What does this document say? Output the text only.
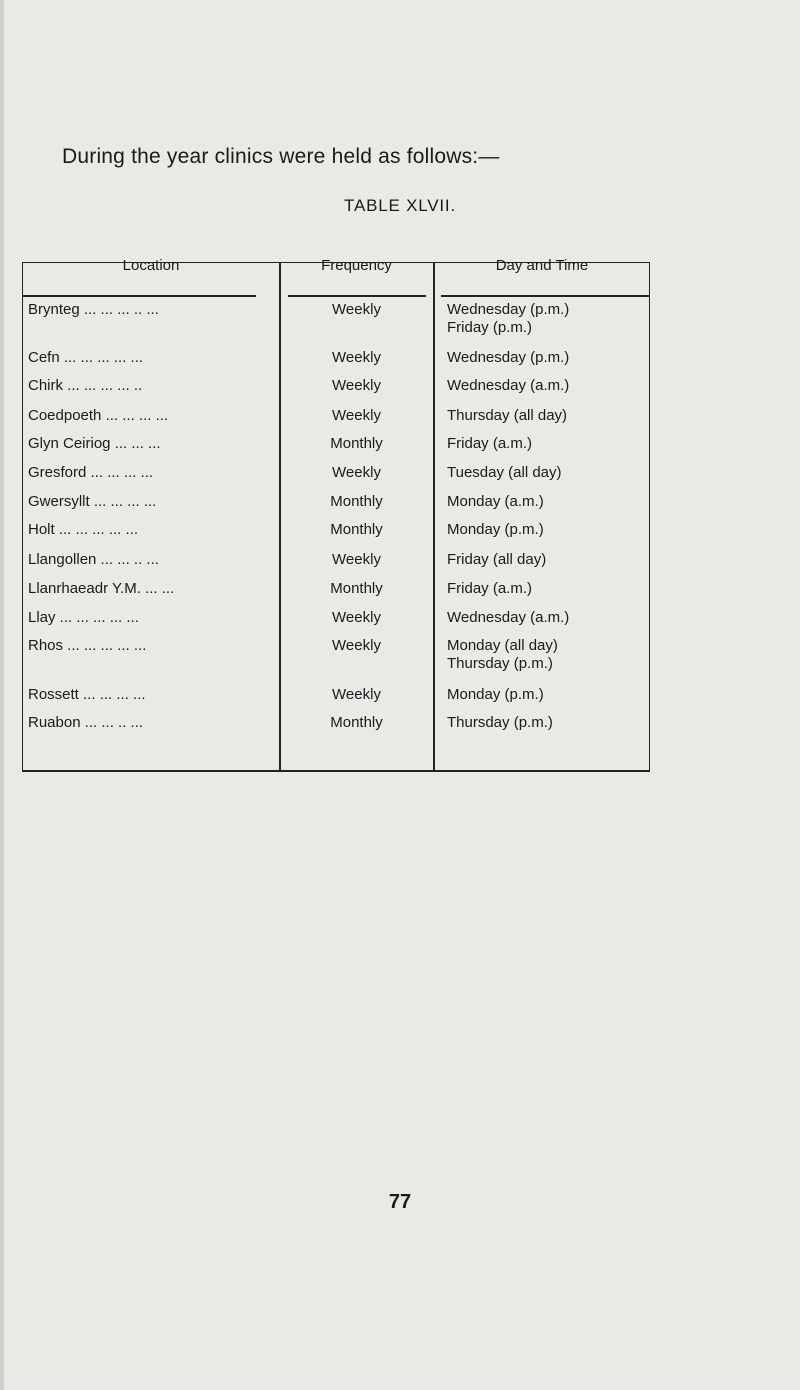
During the year clinics were held as follows:—
TABLE XLVII.
Location	Frequency	Day and Time
Brynteg ... ... ... .. ...	Weekly	Wednesday (p.m.)
Friday (p.m.)
Cefn ... ... ... ... ...	Weekly	Wednesday (p.m.)
Chirk ... ... ... ... ..	Weekly	Wednesday (a.m.)
Coedpoeth ... ... ... ...	Weekly	Thursday (all day)
Glyn Ceiriog ... ... ...	Monthly	Friday (a.m.)
Gresford ... ... ... ...	Weekly	Tuesday (all day)
Gwersyllt ... ... ... ...	Monthly	Monday (a.m.)
Holt ... ... ... ... ...	Monthly	Monday (p.m.)
Llangollen ... ... .. ...	Weekly	Friday (all day)
Llanrhaeadr Y.M. ... ...	Monthly	Friday (a.m.)
Llay ... ... ... ... ...	Weekly	Wednesday (a.m.)
Rhos ... ... ... ... ...	Weekly	Monday (all day)
Thursday (p.m.)
Rossett ... ... ... ...	Weekly	Monday (p.m.)
Ruabon ... ... .. ...	Monthly	Thursday (p.m.)
77
